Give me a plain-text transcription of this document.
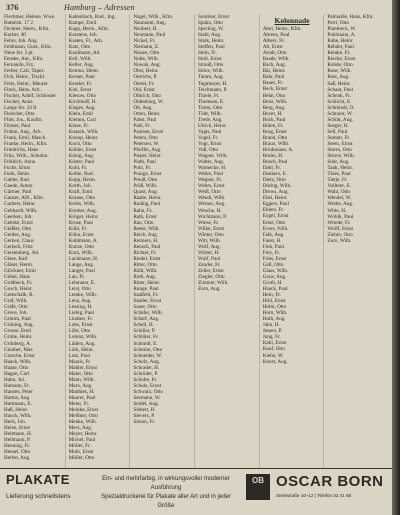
376	Hamburg – Adressen
Flechtner, Helene, Wwe.
Buttelsh. 17 2
Fechner, Herm., Kfm.
Karlstr. 40
Fehrs, Joh. Ang.
Feldmann, Gust., Kfm.
Neue Str. 3 pt.
Fenske, Ant., Kfm.
Fernando, Frz.
Ferber, Carl, Tapez.
Fick, Heinr., Tischl.
Feitz, Heinr., Maurer
Finck, Hans, Arb.
Fischer, Adolf, Schlosser
Fischer, Anna
Lange Str. 24 II
Fleischer, Otto
Flint, Jos., Kaufm.
Förster, Paul
Frahm, Aug., Arb.
Frank, Emil, Masch.
Franke, Herm., Kfm.
Friedrichs, Hans
Fritz, Wilh., Schuhm.
Fröhlich, Anna
Fuchs, Ernst
Funk, Heinr.
Gabbe, Rud.
Gaede, Anton
Gärtner, Paul
Ganzer, Alfr., Kfm.
Garbers, Heinr.
Gebhardt, Wilh.
Geerken, Joh.
Gehrke, Ernst
Geißler, Otto
Gerdes, Aug.
Gerken, Claus
Gerlach, Fritz
Gerstenberg, Ad.
Giese, Karl
Gläser, Herm.
Glöckner, Emil
Göbel, Hans
Goldbeck, Fr.
Gosch, Heinr.
Gottschalk, R.
Graf, Wilh.
Gräfe, Otto
Greve, Joh.
Grimm, Paul
Gröning, Aug.
Grosse, Emil
Grube, Heinr.
Grünberg, A.
Günther, Max
Gutsche, Ernst
Haack, Wilh.
Haase, Otto
Hagen, Carl
Hahn, Jul.
Hamann, Fr.
Hansen, Peter
Harms, Aug.
Hartmann, E.
Haß, Heinr.
Hauck, Wilh.
Heck, Joh.
Heine, Ernst
Heitmann, H.
Hellmann, P.
Henning, Fr.
Hensel, Otto
Herbst, Aug.
Kaltenbach, Rud., Ing.
Kampe, Emil
Kapp, Herm., Kfm.
Karstens, Joh.
Kasten, Fr., Arb.
Katz, Otto
Kaufmann, Ad.
Keil, Wilh.
Keller, Aug.
Kemna, Heinr.
Kerner, Paul
Kessler, Fr.
Kiel, Ernst
Kiesow, Otto
Kirchhoff, H.
Klages, Aug.
Klein, Emil
Klemm, Carl
Klose, Fr.
Knaack, Wilh.
Knoop, Heinr.
Koch, Otto
Köhler, Ernst
König, Aug.
Köster, Paul
Kohl, Fr.
Kolbe, Rud.
Kopp, Herm.
Korth, Joh.
Kraft, Emil
Krause, Otto
Krebs, Wilh.
Kremer, Aug.
Krüger, Heinr.
Kruse, Paul
Kühl, Fr.
Kühn, Ernst
Kuhlmann, A.
Kunze, Otto
Kurz, Wilh.
Lackmann, H.
Lange, Aug.
Langer, Paul
Lau, Fr.
Lehmann, E.
Leist, Otto
Lemke, Wilh.
Lenz, Aug.
Lessing, H.
Liebig, Paul
Lindner, Fr.
Lobs, Ernst
Löhr, Otto
Lorenz, Wilh.
Lüders, Aug.
Lüth, Heinr.
Lutz, Paul
Maack, Fr.
Mahler, Ernst
Maier, Otto
Mann, Wilh.
Marx, Aug.
Matthies, H.
Maurer, Paul
Meier, Fr.
Meinke, Ernst
Meißner, Otto
Menke, Wilh.
Merz, Aug.
Meyer, Heinr.
Michel, Paul
Möller, Fr.
Mohr, Ernst
Müller, Otto
Nagel, Wilh., Kfm.
Naumann, Aug.
Neubert, H.
Neumann, Paul
Nickel, Fr.
Niemann, E.
Nissen, Otto
Nolte, Wilh.
Nowak, Aug.
Obst, Heinr.
Oelrichs, P.
Oertel, Fr.
Ohl, Ernst
Olbrich, Otto
Oldenburg, W.
Ott, Aug.
Otten, Heinr.
Pabst, Paul
Pahl, Fr.
Paulsen, Ernst
Peters, Otto
Petersen, W.
Pfeiffer, Aug.
Pieper, Heinr.
Plath, Paul
Pohl, Fr.
Prange, Ernst
Preuß, Otto
Prüß, Wilh.
Quast, Aug.
Raabe, Heinr.
Rading, Paul
Rahn, Fr.
Rath, Ernst
Rau, Otto
Reese, Wilh.
Reich, Aug.
Reimers, H.
Rensch, Paul
Richter, Fr.
Riedel, Ernst
Ritter, Otto
Röhl, Wilh.
Roth, Aug.
Rüter, Heinr.
Runge, Paul
Saalfeld, Fr.
Sander, Ernst
Sauer, Otto
Schäfer, Wilh.
Scharf, Aug.
Schell, H.
Schiller, P.
Schlüter, Fr.
Schmidt, E.
Schmitz, Otto
Schneider, W.
Scholz, Aug.
Schrader, H.
Schröder, P.
Schulte, Fr.
Schulz, Ernst
Schwarz, Otto
Seemann, W.
Seidel, Aug.
Siebert, H.
Sievers, P.
Simon, Fr.
Sommer, Ernst
Spahn, Otto
Sperling, W.
Stahl, Aug.
Stark, Heinr.
Steffen, Paul
Stein, Fr.
Stoll, Ernst
Strauß, Otto
Stüve, Wilh.
Tamm, Aug.
Tegtmeyer, H.
Teichmann, P.
Thiele, Fr.
Thomsen, E.
Timm, Otto
Tödt, Wilh.
Trede, Aug.
Ulrich, Heinr.
Vagts, Paul
Vogel, Fr.
Vogt, Ernst
Voß, Otto
Wagner, Wilh.
Walter, Aug.
Warnecke, H.
Weber, Paul
Wegner, Fr.
Wehrs, Ernst
Weiß, Otto
Wendt, Wilh.
Werner, Aug.
Wesche, H.
Wichmann, P.
Wiese, Fr.
Wilke, Ernst
Winter, Otto
Witt, Wilh.
Wolf, Aug.
Wolter, H.
Wulf, Paul
Zander, Fr.
Zeller, Ernst
Ziegler, Otto
Zimmer, Wilh.
Zorn, Aug.
Kolonnade
Abel, Heinr., Kfm.
Ahrens, Paul
Albers, Fr.
Alt, Ernst
Arndt, Otto
Baade, Wilh.
Bach, Aug.
Bär, Heinr.
Bahr, Paul
Bauer, Fr.
Beck, Ernst
Behn, Otto
Benz, Wilh.
Berg, Aug.
Beyer, H.
Bock, Paul
Böhm, Fr.
Borg, Ernst
Brand, Otto
Braun, Wilh.
Brinkmann, A.
Bruhn, H.
Busch, Paul
Dahl, Fr.
Dankers, E.
Dietz, Otto
Döring, Wilh.
Drews, Aug.
Ebel, Heinr.
Eggers, Paul
Ehlers, Fr.
Engel, Ernst
Ernst, Otto
Evers, Wilh.
Falk, Aug.
Faust, H.
Fink, Paul
Frey, Fr.
Fries, Ernst
Gall, Otto
Glass, Wilh.
Graw, Aug.
Groth, H.
Haack, Paul
Hein, Fr.
Hild, Ernst
Holm, Otto
Horn, Wilh.
Huth, Aug.
Jahn, H.
Jessen, P.
Jung, Fr.
Kahl, Ernst
Kauf, Otto
Kiehn, W.
Knust, Aug.
Palmaille, Hans, Kfm.
Petri, Otto
Plambeck, W.
Pohlmann, A.
Rabe, Heinr.
Rehder, Paul
Reinke, Fr.
Riecke, Ernst
Rohde, Otto
Rose, Wilh.
Rust, Aug.
Saß, Heinr.
Schaar, Paul
Schenk, Fr.
Schlicht, E.
Schmiedt, O.
Schnoor, W.
Schütt, Aug.
Seeger, H.
Sell, Paul
Stamer, Fr.
Steen, Ernst
Storm, Otto
Struve, Wilh.
Suhr, Aug.
Tank, Heinr.
Thies, Paul
Tietje, Fr.
Vollmer, E.
Wahl, Otto
Wendel, W.
Wiebe, Aug.
Witte, H.
Wöhlk, Paul
Wriede, Fr.
Wulff, Ernst
Ziehm, Otto
Zorn, Wilh.
PLAKATE
Lieferung schnellstens
Ein- und mehrfarbig, in wirkungsvoller moderner Ausführung
Spezialdruckerei für Plakate aller Art und in jeder Größe
OB OSCAR BORN
Steinstraße 10–12 | Telefon 32 41 65
